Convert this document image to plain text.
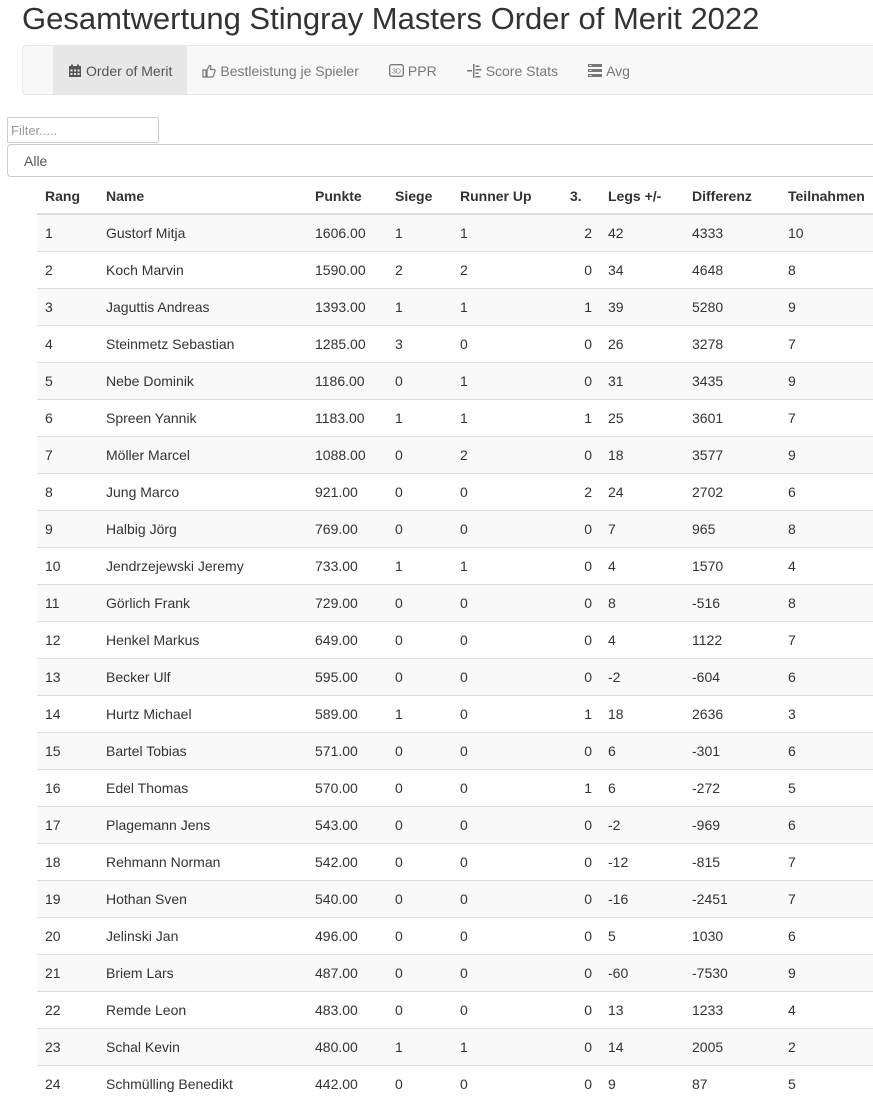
Gesamtwertung Stingray Masters Order of Merit 2022
Order of Merit	Bestleistung je Spieler	3D PPR	Score Stats	Avg
Filter.....
Alle
Rang	Name	Punkte	Siege	Runner Up	3.	Legs +/-	Differenz	Teilnahmen
1	Gustorf Mitja	1606.00	1	1	2	42	4333	10
2	Koch Marvin	1590.00	2	2	0	34	4648	8
3	Jaguttis Andreas	1393.00	1	1	1	39	5280	9
4	Steinmetz Sebastian	1285.00	3	0	0	26	3278	7
5	Nebe Dominik	1186.00	0	1	0	31	3435	9
6	Spreen Yannik	1183.00	1	1	1	25	3601	7
7	Möller Marcel	1088.00	0	2	0	18	3577	9
8	Jung Marco	921.00	0	0	2	24	2702	6
9	Halbig Jörg	769.00	0	0	0	7	965	8
10	Jendrzejewski Jeremy	733.00	1	1	0	4	1570	4
11	Görlich Frank	729.00	0	0	0	8	-516	8
12	Henkel Markus	649.00	0	0	0	4	1122	7
13	Becker Ulf	595.00	0	0	0	-2	-604	6
14	Hurtz Michael	589.00	1	0	1	18	2636	3
15	Bartel Tobias	571.00	0	0	0	6	-301	6
16	Edel Thomas	570.00	0	0	1	6	-272	5
17	Plagemann Jens	543.00	0	0	0	-2	-969	6
18	Rehmann Norman	542.00	0	0	0	-12	-815	7
19	Hothan Sven	540.00	0	0	0	-16	-2451	7
20	Jelinski Jan	496.00	0	0	0	5	1030	6
21	Briem Lars	487.00	0	0	0	-60	-7530	9
22	Remde Leon	483.00	0	0	0	13	1233	4
23	Schal Kevin	480.00	1	1	0	14	2005	2
24	Schmülling Benedikt	442.00	0	0	0	9	87	5
